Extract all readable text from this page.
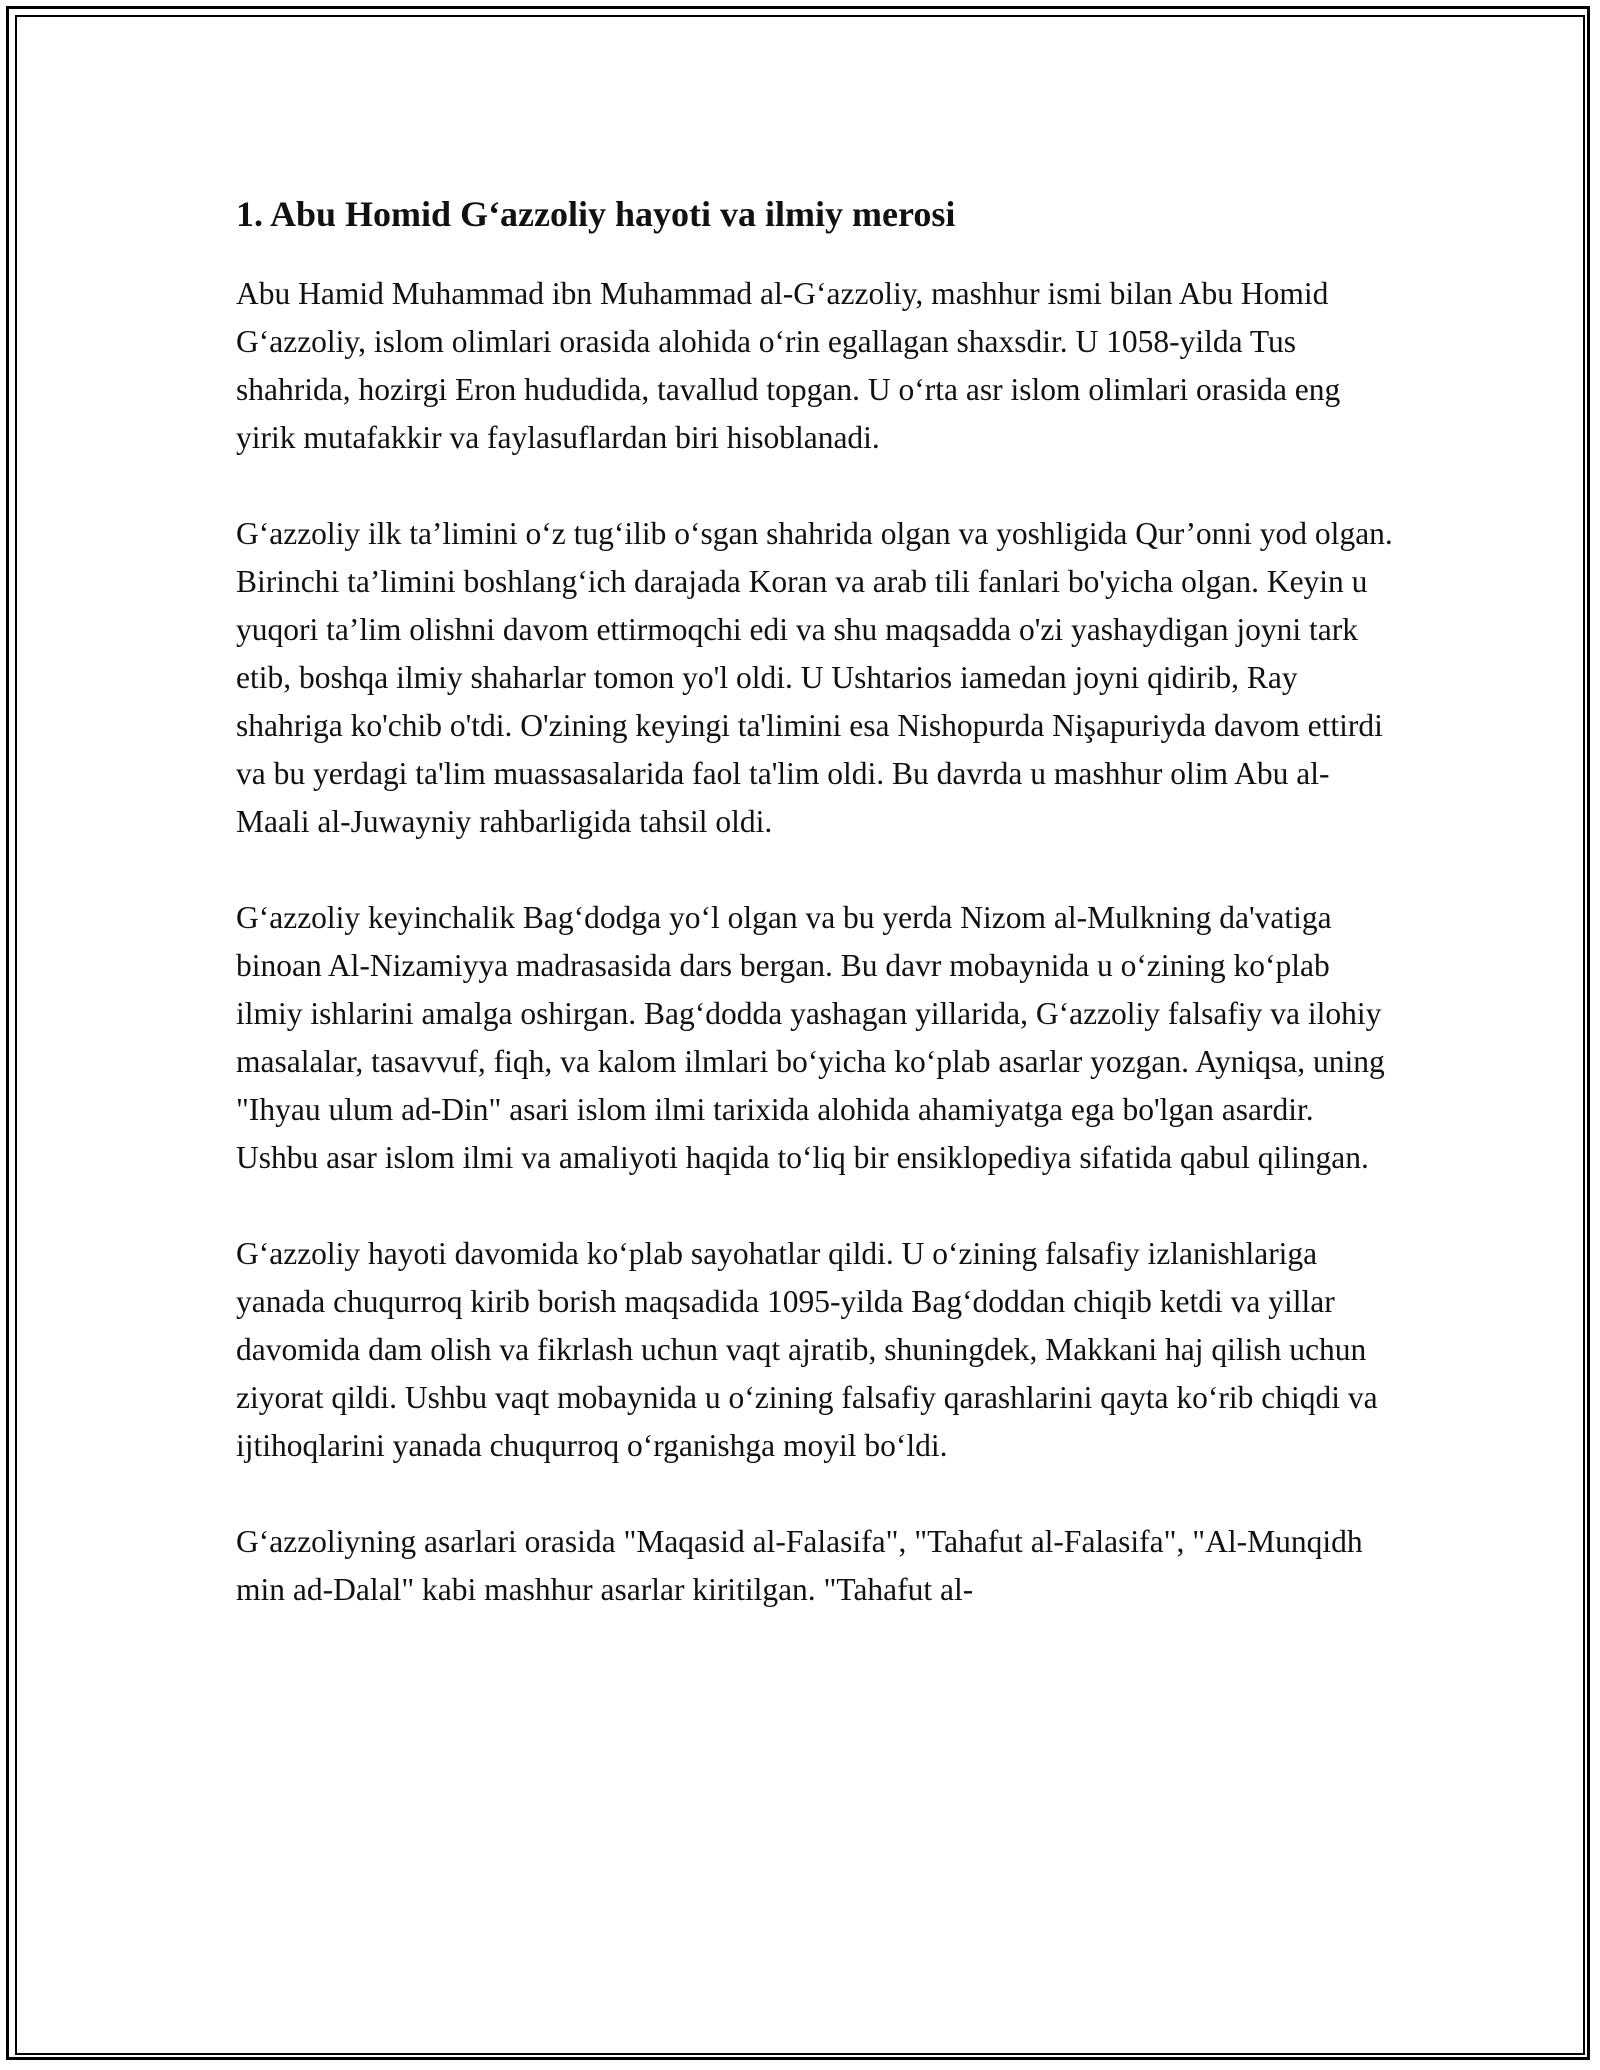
1. Abu Homid G‘azzoliy hayoti va ilmiy merosi

Abu Hamid Muhammad ibn Muhammad al-G‘azzoliy, mashhur ismi bilan Abu Homid G‘azzoliy, islom olimlari orasida alohida o‘rin egallagan shaxsdir. U 1058-yilda Tus shahrida, hozirgi Eron hududida, tavallud topgan. U o‘rta asr islom olimlari orasida eng yirik mutafakkir va faylasuflardan biri hisoblanadi.

G‘azzoliy ilk ta’limini o‘z tug‘ilib o‘sgan shahrida olgan va yoshligida Qur’onni yod olgan. Birinchi ta’limini boshlang‘ich darajada Koran va arab tili fanlari bo'yicha olgan. Keyin u yuqori ta’lim olishni davom ettirmoqchi edi va shu maqsadda o'zi yashaydigan joyni tark etib, boshqa ilmiy shaharlar tomon yo'l oldi. U Ushtarios iamedan joyni qidirib, Ray shahriga ko'chib o'tdi. O'zining keyingi ta'limini esa Nishopurda Nişapuriyda davom ettirdi va bu yerdagi ta'lim muassasalarida faol ta'lim oldi. Bu davrda u mashhur olim Abu al-Maali al-Juwayniy rahbarligida tahsil oldi.

G‘azzoliy keyinchalik Bag‘dodga yo‘l olgan va bu yerda Nizom al-Mulkning da'vatiga binoan Al-Nizamiyya madrasasida dars bergan. Bu davr mobaynida u o‘zining ko‘plab ilmiy ishlarini amalga oshirgan. Bag‘dodda yashagan yillarida, G‘azzoliy falsafiy va ilohiy masalalar, tasavvuf, fiqh, va kalom ilmlari bo‘yicha ko‘plab asarlar yozgan. Ayniqsa, uning "Ihyau ulum ad-Din" asari islom ilmi tarixida alohida ahamiyatga ega bo'lgan asardir. Ushbu asar islom ilmi va amaliyoti haqida to‘liq bir ensiklopediya sifatida qabul qilingan.

G‘azzoliy hayoti davomida ko‘plab sayohatlar qildi. U o‘zining falsafiy izlanishlariga yanada chuqurroq kirib borish maqsadida 1095-yilda Bag‘doddan chiqib ketdi va yillar davomida dam olish va fikrlash uchun vaqt ajratib, shuningdek, Makkani haj qilish uchun ziyorat qildi. Ushbu vaqt mobaynida u o‘zining falsafiy qarashlarini qayta ko‘rib chiqdi va ijtihoqlarini yanada chuqurroq o‘rganishga moyil bo‘ldi.

G‘azzoliyning asarlari orasida "Maqasid al-Falasifa", "Tahafut al-Falasifa", "Al-Munqidh min ad-Dalal" kabi mashhur asarlar kiritilgan. "Tahafut al-
